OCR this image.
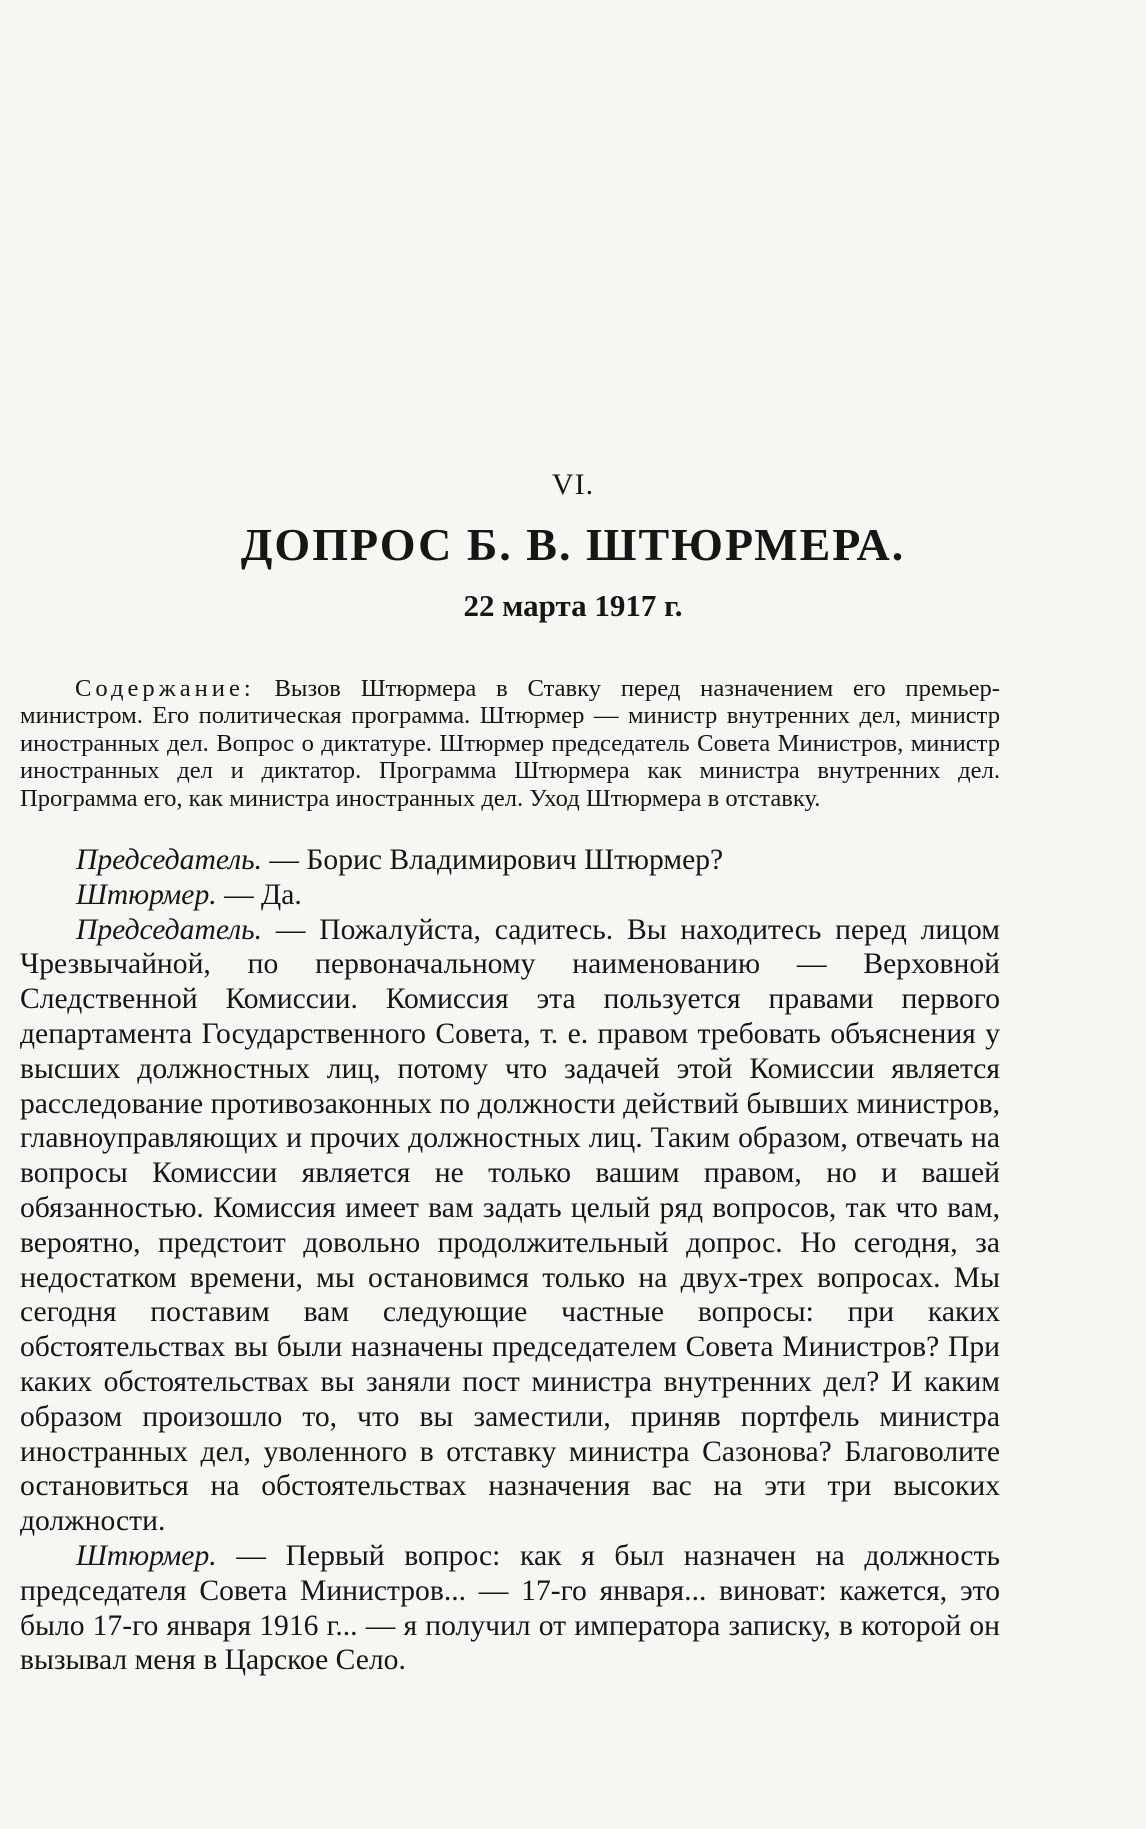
VI.
ДОПРОС Б. В. ШТЮРМЕРА.
22 марта 1917 г.

Содержание: Вызов Штюрмера в Ставку перед назначением его премьер-министром. Его политическая программа. Штюрмер — министр внутренних дел, министр иностранных дел. Вопрос о диктатуре. Штюрмер председатель Совета Министров, министр иностранных дел и диктатор. Программа Штюрмера как министра внутренних дел. Программа его, как министра иностранных дел. Уход Штюрмера в отставку.

Председатель. — Борис Владимирович Штюрмер?

Штюрмер. — Да.

Председатель. — Пожалуйста, садитесь. Вы находитесь перед лицом Чрезвычайной, по первоначальному наименованию — Верховной Следственной Комиссии. Комиссия эта пользуется правами первого департамента Государственного Совета, т. е. правом требовать объяснения у высших должностных лиц, потому что задачей этой Комиссии является расследование противозаконных по должности действий бывших министров, главноуправляющих и прочих должностных лиц. Таким образом, отвечать на вопросы Комиссии является не только вашим правом, но и вашей обязанностью. Комиссия имеет вам задать целый ряд вопросов, так что вам, вероятно, предстоит довольно продолжительный допрос. Но сегодня, за недостатком времени, мы остановимся только на двух-трех вопросах. Мы сегодня поставим вам следующие частные вопросы: при каких обстоятельствах вы были назначены председателем Совета Министров? При каких обстоятельствах вы заняли пост министра внутренних дел? И каким образом произошло то, что вы заместили, приняв портфель министра иностранных дел, уволенного в отставку министра Сазонова? Благоволите остановиться на обстоятельствах назначения вас на эти три высоких должности.

Штюрмер. — Первый вопрос: как я был назначен на должность председателя Совета Министров... — 17-го января... виноват: кажется, это было 17-го января 1916 г... — я получил от императора записку, в которой он вызывал меня в Царское Село.
